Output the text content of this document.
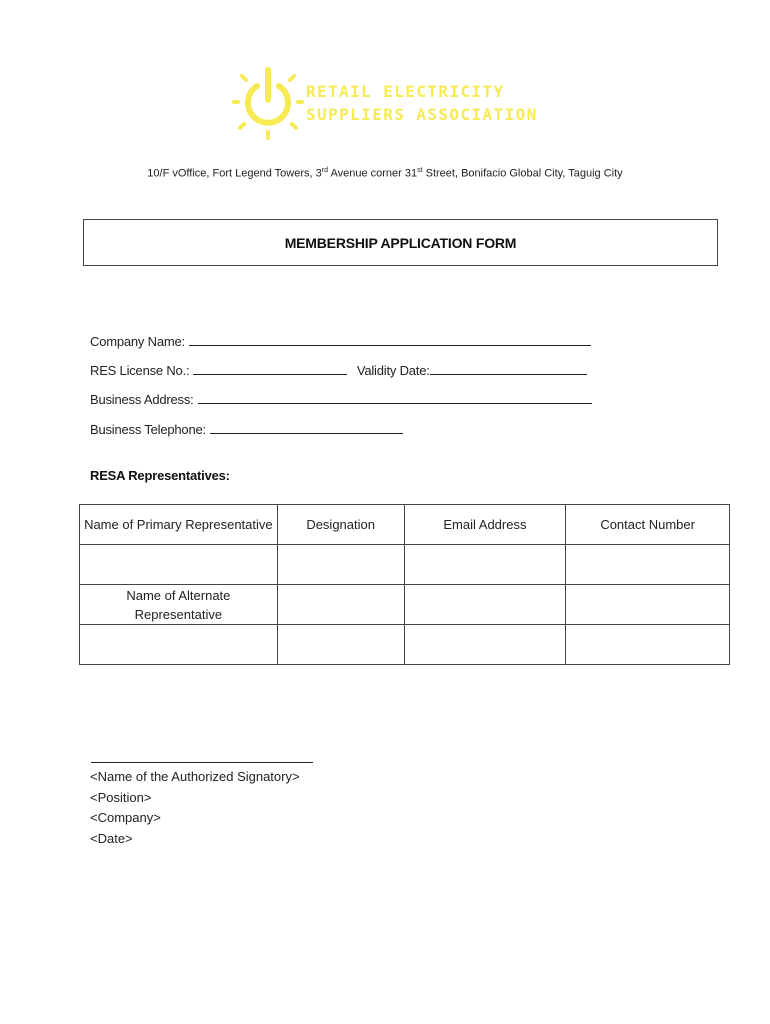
RETAIL ELECTRICITY
SUPPLIERS ASSOCIATION
10/F vOffice, Fort Legend Towers, 3rd Avenue corner 31st Street, Bonifacio Global City, Taguig City
MEMBERSHIP APPLICATION FORM
Company Name:
RES License No.:	Validity Date:
Business Address:
Business Telephone:
RESA Representatives:
Name of Primary Representative	Designation	Email Address	Contact Number

Name of Alternate Representative			

<Name of the Authorized Signatory>
<Position>
<Company>
<Date>
